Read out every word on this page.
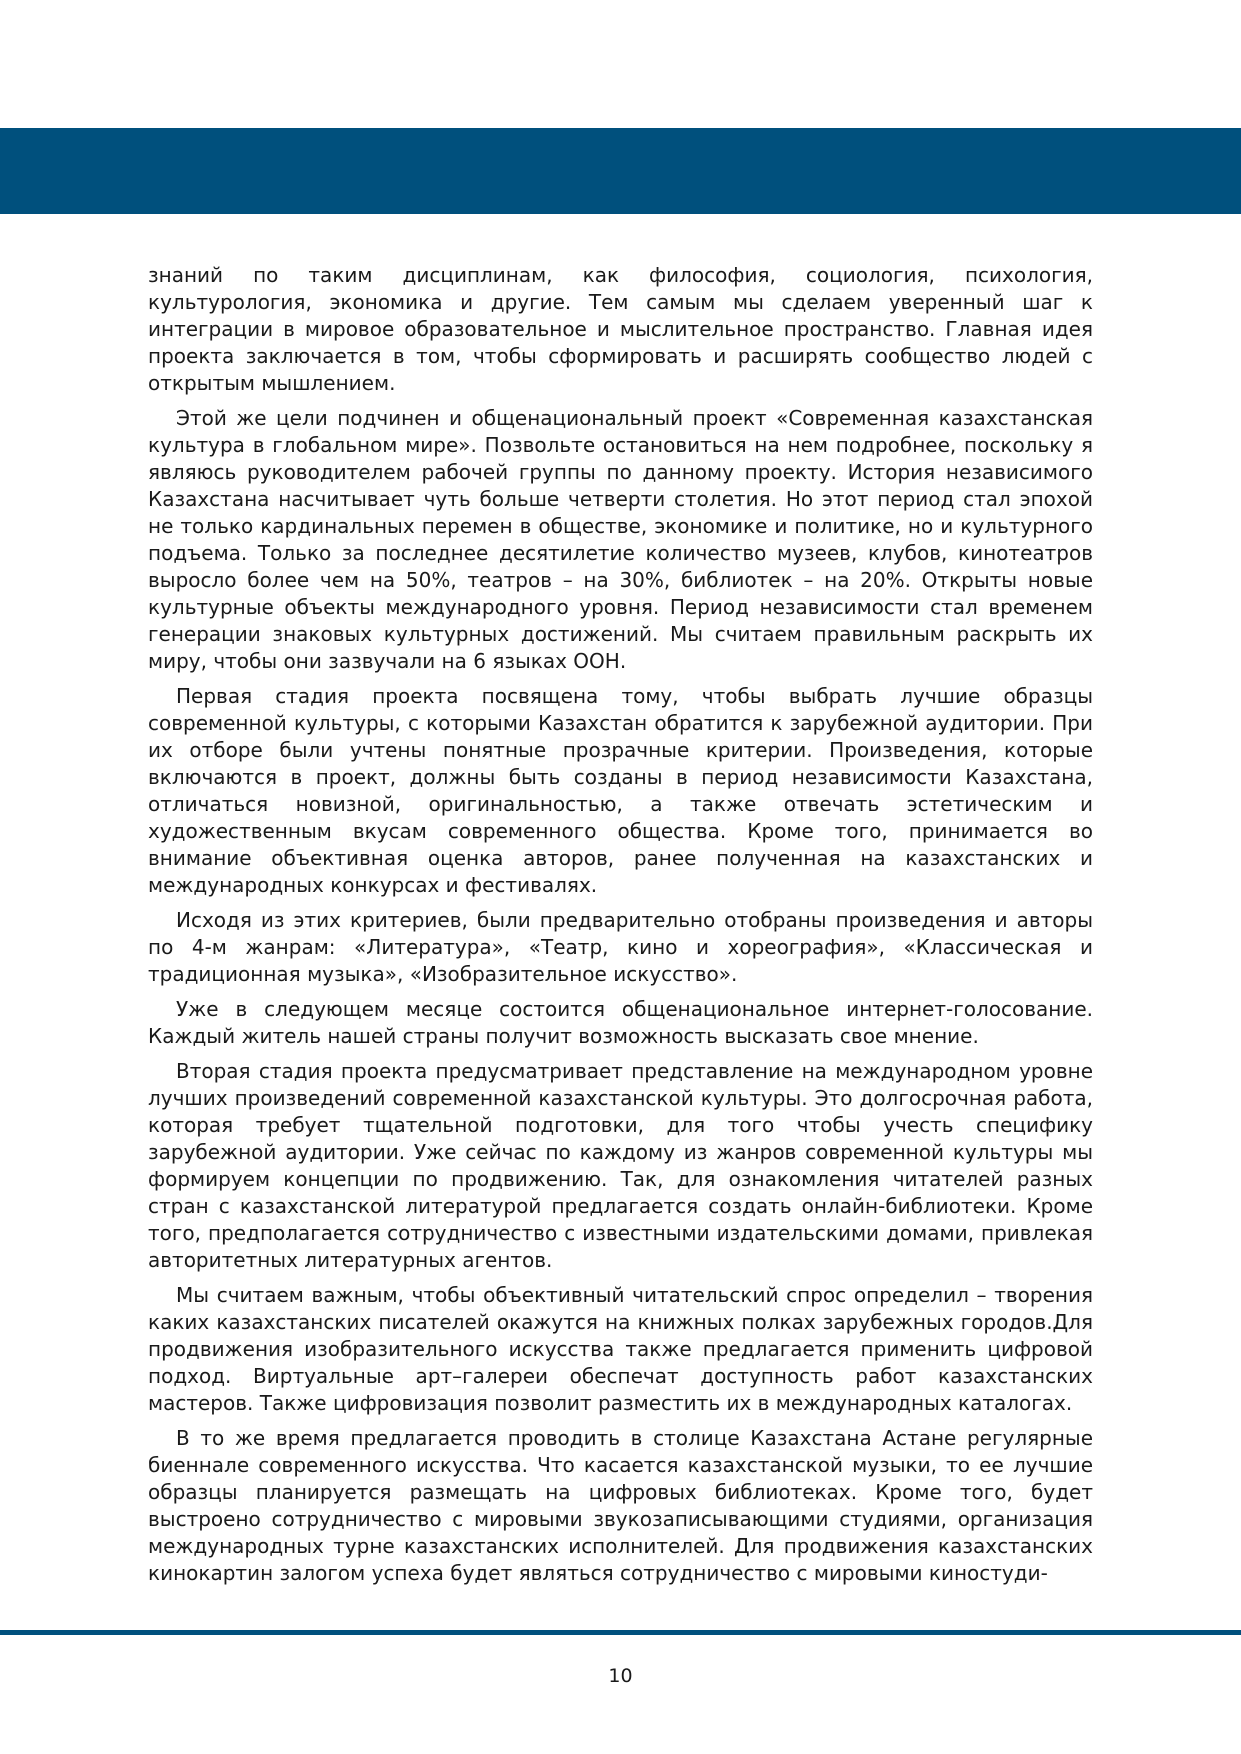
знаний по таким дисциплинам, как философия, социология, психология, культурология, экономика и другие. Тем самым мы сделаем уверенный шаг к интеграции в мировое образовательное и мыслительное пространство. Главная идея проекта заключается в том, чтобы сформировать и расширять сообщество людей с открытым мышлением.

Этой же цели подчинен и общенациональный проект «Современная казахстанская культура в глобальном мире». Позвольте остановиться на нем подробнее, поскольку я являюсь руководителем рабочей группы по данному проекту. История независимого Казахстана насчитывает чуть больше четверти столетия. Но этот период стал эпохой не только кардинальных перемен в обществе, экономике и политике, но и культурного подъема. Только за последнее десятилетие количество музеев, клубов, кинотеатров выросло более чем на 50%, театров – на 30%, библиотек – на 20%. Открыты новые культурные объекты международного уровня. Период независимости стал временем генерации знаковых культурных достижений. Мы считаем правильным раскрыть их миру, чтобы они зазвучали на 6 языках ООН.

Первая стадия проекта посвящена тому, чтобы выбрать лучшие образцы современной культуры, с которыми Казахстан обратится к зарубежной аудитории. При их отборе были учтены понятные прозрачные критерии. Произведения, которые включаются в проект, должны быть созданы в период независимости Казахстана, отличаться новизной, оригинальностью, а также отвечать эстетическим и художественным вкусам современного общества. Кроме того, принимается во внимание объективная оценка авторов, ранее полученная на казахстанских и международных конкурсах и фестивалях.

Исходя из этих критериев, были предварительно отобраны произведения и авторы по 4-м жанрам: «Литература», «Театр, кино и хореография», «Классическая и традиционная музыка», «Изобразительное искусство».

Уже в следующем месяце состоится общенациональное интернет-голосование. Каждый житель нашей страны получит возможность высказать свое мнение.

Вторая стадия проекта предусматривает представление на международном уровне лучших произведений современной казахстанской культуры. Это долгосрочная работа, которая требует тщательной подготовки, для того чтобы учесть специфику зарубежной аудитории. Уже сейчас по каждому из жанров современной культуры мы формируем концепции по продвижению. Так, для ознакомления читателей разных стран с казахстанской литературой предлагается создать онлайн-библиотеки. Кроме того, предполагается сотрудничество с известными издательскими домами, привлекая авторитетных литературных агентов.

Мы считаем важным, чтобы объективный читательский спрос определил – творения каких казахстанских писателей окажутся на книжных полках зарубежных городов.Для продвижения изобразительного искусства также предлагается применить цифровой подход. Виртуальные арт–галереи обеспечат доступность работ казахстанских мастеров. Также цифровизация позволит разместить их в международных каталогах.

В то же время предлагается проводить в столице Казахстана Астане регулярные биеннале современного искусства. Что касается казахстанской музыки, то ее лучшие образцы планируется размещать на цифровых библиотеках. Кроме того, будет выстроено сотрудничество с мировыми звукозаписывающими студиями, организация международных турне казахстанских исполнителей. Для продвижения казахстанских кинокартин залогом успеха будет являться сотрудничество с мировыми киностуди-

10
